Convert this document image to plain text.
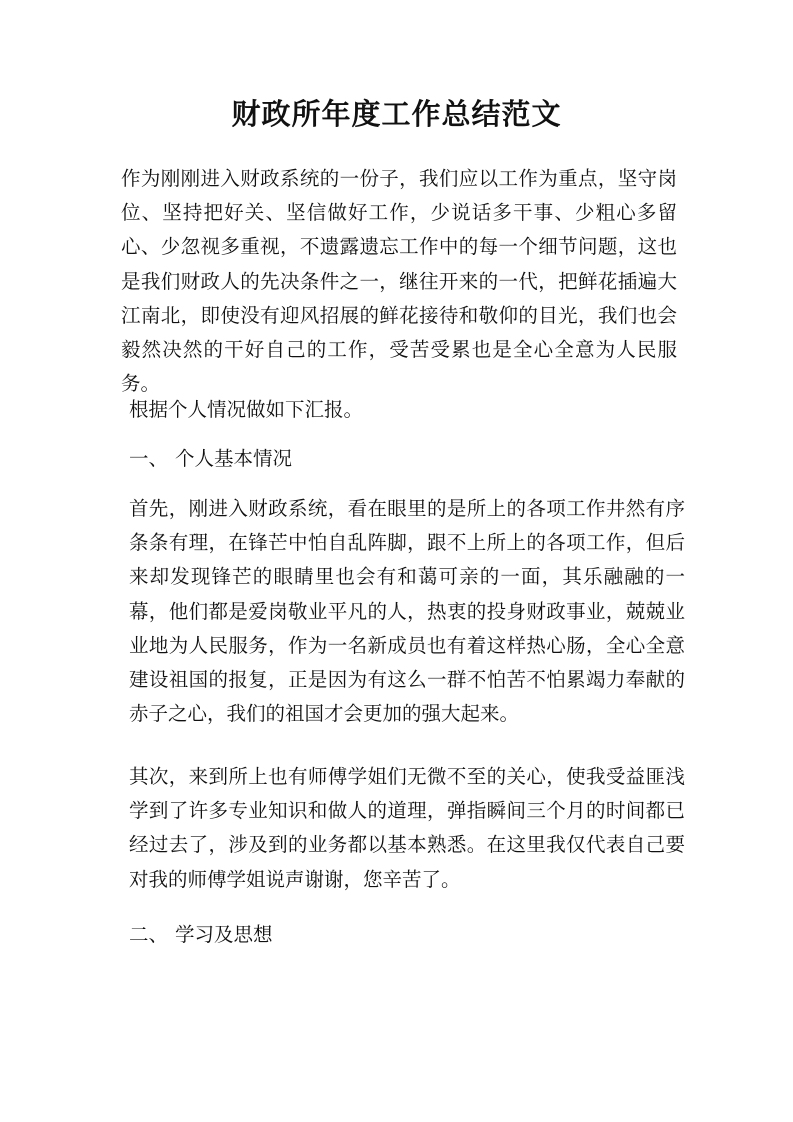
财政所年度工作总结范文

作为刚刚进入财政系统的一份子，我们应以工作为重点，坚守岗位、坚持把好关、坚信做好工作，少说话多干事、少粗心多留心、少忽视多重视，不遗露遗忘工作中的每一个细节问题，这也是我们财政人的先决条件之一，继往开来的一代，把鲜花插遍大江南北，即使没有迎风招展的鲜花接待和敬仰的目光，我们也会毅然决然的干好自己的工作，受苦受累也是全心全意为人民服务。

根据个人情况做如下汇报。

一、 个人基本情况

首先，刚进入财政系统，看在眼里的是所上的各项工作井然有序条条有理，在锋芒中怕自乱阵脚，跟不上所上的各项工作，但后来却发现锋芒的眼睛里也会有和蔼可亲的一面，其乐融融的一幕，他们都是爱岗敬业平凡的人，热衷的投身财政事业，兢兢业业地为人民服务，作为一名新成员也有着这样热心肠，全心全意建设祖国的报复，正是因为有这么一群不怕苦不怕累竭力奉献的赤子之心，我们的祖国才会更加的强大起来。

其次，来到所上也有师傅学姐们无微不至的关心，使我受益匪浅学到了许多专业知识和做人的道理，弹指瞬间三个月的时间都已经过去了，涉及到的业务都以基本熟悉。在这里我仅代表自己要对我的师傅学姐说声谢谢，您辛苦了。

二、 学习及思想
